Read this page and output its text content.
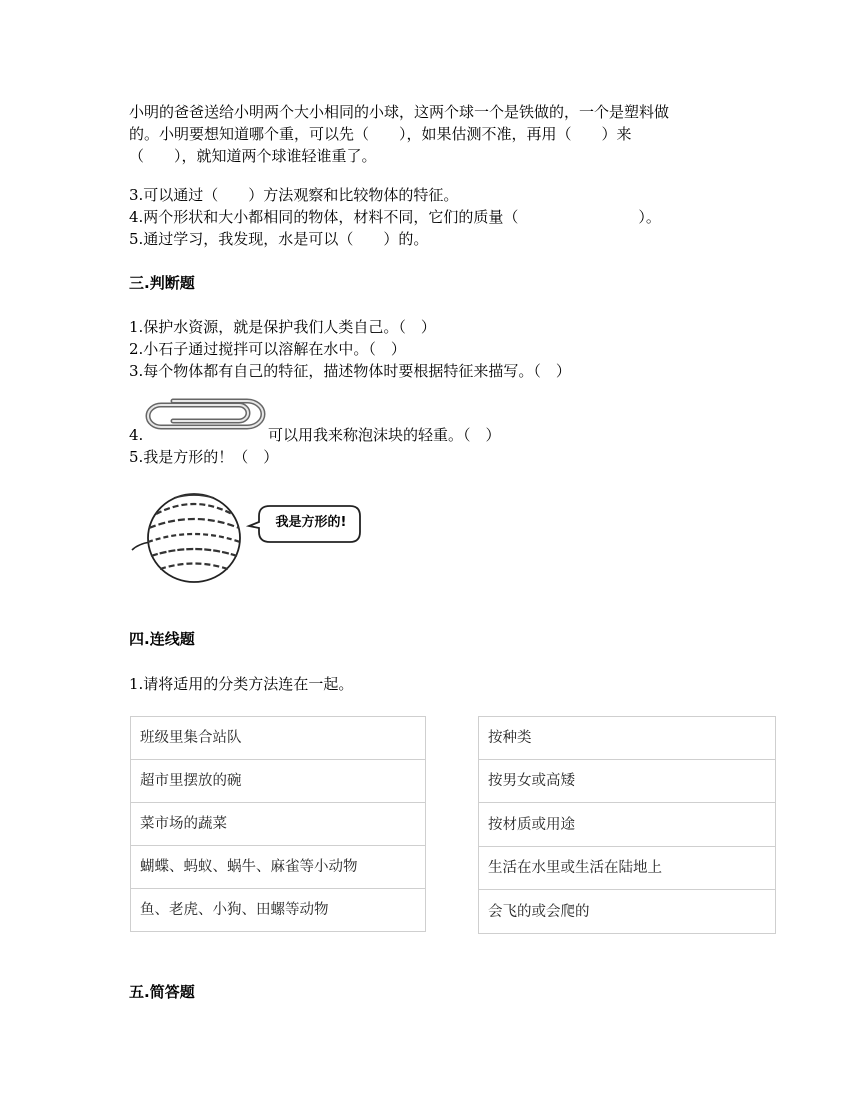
小明的爸爸送给小明两个大小相同的小球，这两个球一个是铁做的，一个是塑料做
的。小明要想知道哪个重，可以先（　　），如果估测不准，再用（　　）来
（　　），就知道两个球谁轻谁重了。
3.可以通过（　　）方法观察和比较物体的特征。
4.两个形状和大小都相同的物体，材料不同，它们的质量（　　　　　　　　）。
5.通过学习，我发现，水是可以（　　）的。
三.判断题
1.保护水资源，就是保护我们人类自己。（　）
2.小石子通过搅拌可以溶解在水中。（　）
3.每个物体都有自己的特征，描述物体时要根据特征来描写。（　）
4.	可以用我来称泡沫块的轻重。（　）
5.我是方形的！（　）
我是方形的!
四.连线题
1.请将适用的分类方法连在一起。
班级里集合站队
超市里摆放的碗
菜市场的蔬菜
蝴蝶、蚂蚁、蜗牛、麻雀等小动物
鱼、老虎、小狗、田螺等动物
按种类
按男女或高矮
按材质或用途
生活在水里或生活在陆地上
会飞的或会爬的
五.简答题
